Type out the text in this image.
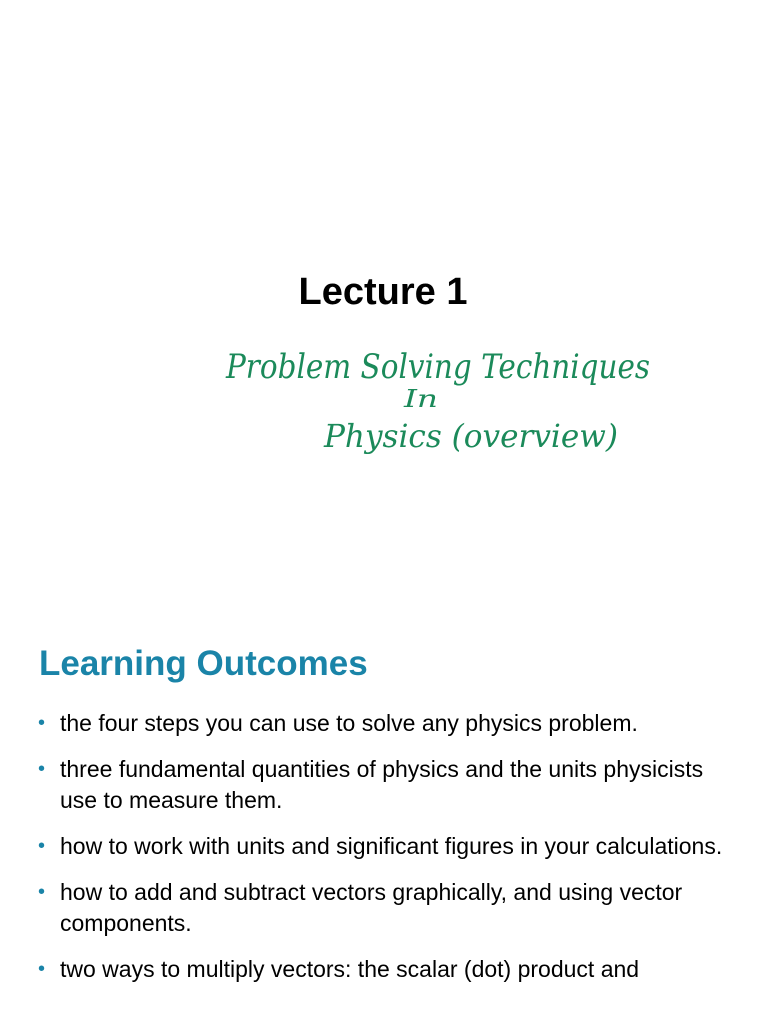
Lecture 1
Problem Solving Techniques
In
Physics (overview)
Learning Outcomes
• the four steps you can use to solve any physics problem.
• three fundamental quantities of physics and the units physicists use to measure them.
• how to work with units and significant figures in your calculations.
• how to add and subtract vectors graphically, and using vector components.
• two ways to multiply vectors: the scalar (dot) product and
